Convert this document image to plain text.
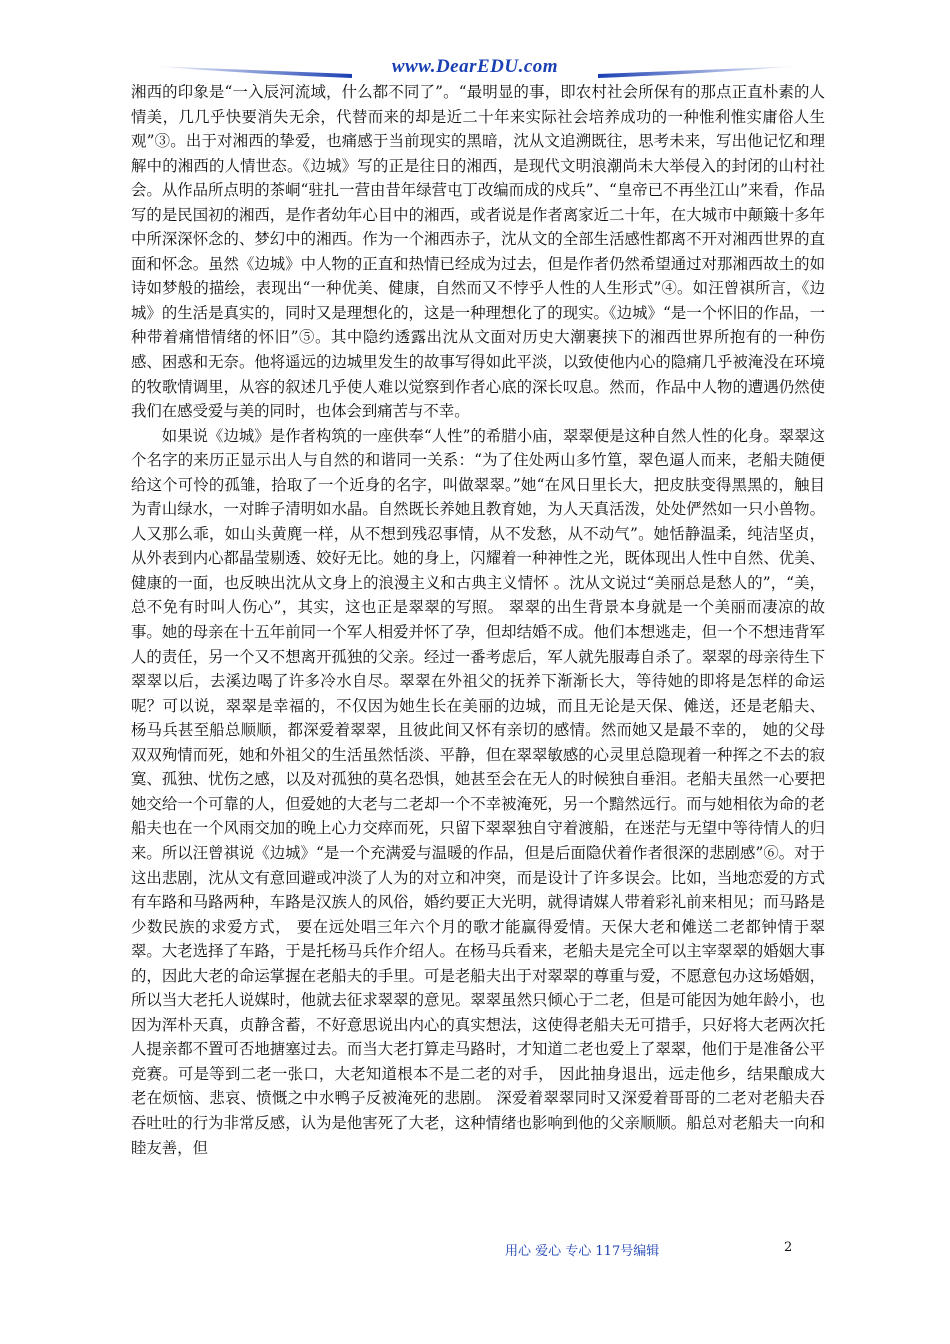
www.DearEDU.com

湘西的印象是“一入辰河流域，什么都不同了”。“最明显的事，即农村社会所保有的那点正直朴素的人情美，几几乎快要消失无余，代替而来的却是近二十年来实际社会培养成功的一种惟利惟实庸俗人生观”③。出于对湘西的挚爱，也痛感于当前现实的黑暗，沈从文追溯既往，思考未来，写出他记忆和理解中的湘西的人情世态。《边城》写的正是往日的湘西，是现代文明浪潮尚未大举侵入的封闭的山村社会。从作品所点明的茶峒“驻扎一营由昔年绿营屯丁改编而成的戍兵”、“皇帝已不再坐江山”来看，作品写的是民国初的湘西，是作者幼年心目中的湘西，或者说是作者离家近二十年，在大城市中颠簸十多年中所深深怀念的、梦幻中的湘西。作为一个湘西赤子，沈从文的全部生活感性都离不开对湘西世界的直面和怀念。虽然《边城》中人物的正直和热情已经成为过去，但是作者仍然希望通过对那湘西故土的如诗如梦般的描绘，表现出“一种优美、健康，自然而又不悖乎人性的人生形式”④。如汪曾祺所言，《边城》的生活是真实的，同时又是理想化的，这是一种理想化了的现实。《边城》“是一个怀旧的作品，一种带着痛惜情绪的怀旧”⑤。其中隐约透露出沈从文面对历史大潮裹挟下的湘西世界所抱有的一种伤感、困惑和无奈。他将遥远的边城里发生的故事写得如此平淡，以致使他内心的隐痛几乎被淹没在环境的牧歌情调里，从容的叙述几乎使人难以觉察到作者心底的深长叹息。然而，作品中人物的遭遇仍然使我们在感受爱与美的同时，也体会到痛苦与不幸。

如果说《边城》是作者构筑的一座供奉“人性”的希腊小庙，翠翠便是这种自然人性的化身。翠翠这个名字的来历正显示出人与自然的和谐同一关系：“为了住处两山多竹篁，翠色逼人而来，老船夫随便给这个可怜的孤雏，拾取了一个近身的名字，叫做翠翠。”她“在风日里长大，把皮肤变得黑黑的，触目为青山绿水，一对眸子清明如水晶。自然既长养她且教育她，为人天真活泼，处处俨然如一只小兽物。人又那么乖，如山头黄麂一样，从不想到残忍事情，从不发愁，从不动气”。她恬静温柔，纯洁坚贞，从外表到内心都晶莹剔透、姣好无比。她的身上，闪耀着一种神性之光，既体现出人性中自然、优美、健康的一面，也反映出沈从文身上的浪漫主义和古典主义情怀 。沈从文说过“美丽总是愁人的”，“美，总不免有时叫人伤心”，其实，这也正是翠翠的写照。 翠翠的出生背景本身就是一个美丽而凄凉的故事。她的母亲在十五年前同一个军人相爱并怀了孕，但却结婚不成。他们本想逃走，但一个不想违背军人的责任，另一个又不想离开孤独的父亲。经过一番考虑后，军人就先服毒自杀了。翠翠的母亲待生下翠翠以后，去溪边喝了许多冷水自尽。翠翠在外祖父的抚养下渐渐长大，等待她的即将是怎样的命运呢？可以说，翠翠是幸福的，不仅因为她生长在美丽的边城，而且无论是天保、傩送，还是老船夫、 杨马兵甚至船总顺顺，都深爱着翠翠，且彼此间又怀有亲切的感情。然而她又是最不幸的， 她的父母双双殉情而死，她和外祖父的生活虽然恬淡、平静，但在翠翠敏感的心灵里总隐现着一种挥之不去的寂寞、孤独、忧伤之感，以及对孤独的莫名恐惧，她甚至会在无人的时候独自垂泪。老船夫虽然一心要把她交给一个可靠的人，但爱她的大老与二老却一个不幸被淹死，另一个黯然远行。而与她相依为命的老船夫也在一个风雨交加的晚上心力交瘁而死，只留下翠翠独自守着渡船，在迷茫与无望中等待情人的归来。所以汪曾祺说《边城》“是一个充满爱与温暖的作品，但是后面隐伏着作者很深的悲剧感”⑥。对于这出悲剧，沈从文有意回避或冲淡了人为的对立和冲突，而是设计了许多误会。比如，当地恋爱的方式有车路和马路两种，车路是汉族人的风俗，婚约要正大光明，就得请媒人带着彩礼前来相见；而马路是少数民族的求爱方式， 要在远处唱三年六个月的歌才能赢得爱情。天保大老和傩送二老都钟情于翠翠。大老选择了车路，于是托杨马兵作介绍人。在杨马兵看来，老船夫是完全可以主宰翠翠的婚姻大事的，因此大老的命运掌握在老船夫的手里。可是老船夫出于对翠翠的尊重与爱，不愿意包办这场婚姻，所以当大老托人说媒时，他就去征求翠翠的意见。翠翠虽然只倾心于二老，但是可能因为她年龄小，也因为浑朴天真，贞静含蓄，不好意思说出内心的真实想法，这使得老船夫无可措手，只好将大老两次托人提亲都不置可否地搪塞过去。而当大老打算走马路时，才知道二老也爱上了翠翠，他们于是准备公平竞赛。可是等到二老一张口，大老知道根本不是二老的对手， 因此抽身退出，远走他乡，结果酿成大老在烦恼、悲哀、愤慨之中水鸭子反被淹死的悲剧。 深爱着翠翠同时又深爱着哥哥的二老对老船夫吞吞吐吐的行为非常反感，认为是他害死了大老，这种情绪也影响到他的父亲顺顺。船总对老船夫一向和睦友善，但

用心 爱心 专心 117号编辑	2
